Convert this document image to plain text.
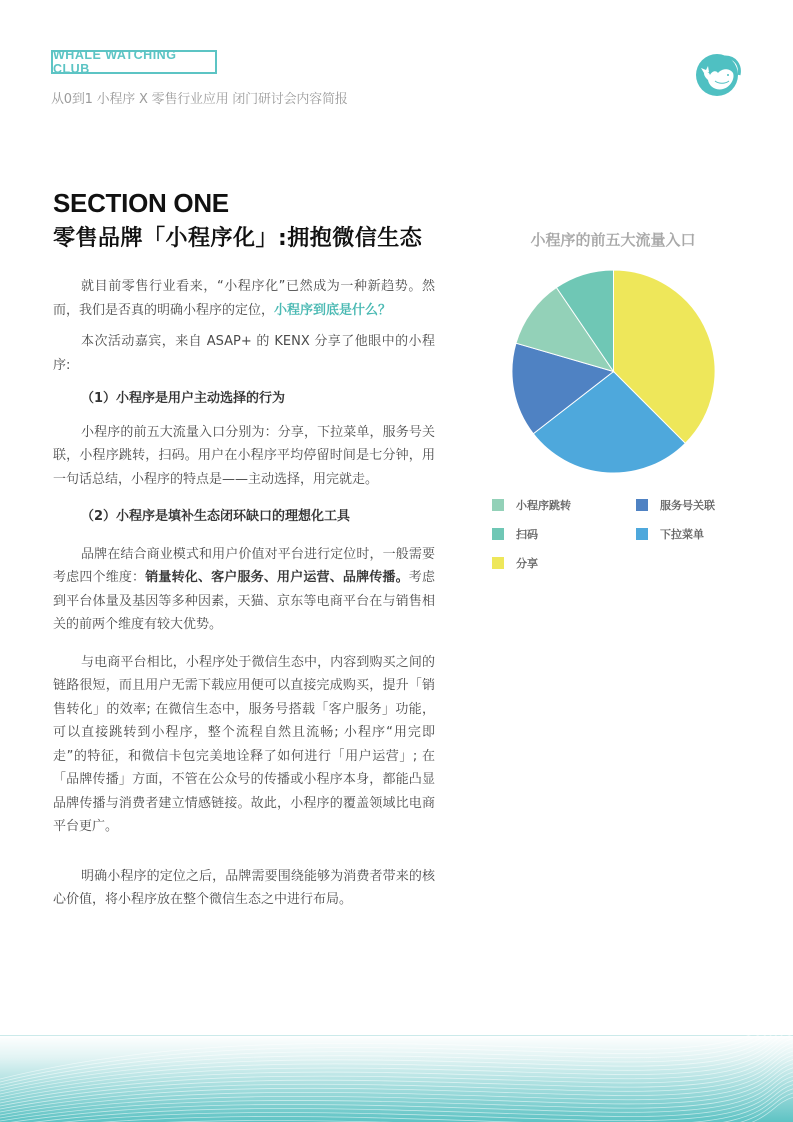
WHALE WATCHING CLUB
从0到1 小程序 X 零售行业应用 闭门研讨会内容简报
SECTION ONE
零售品牌「小程序化」:拥抱微信生态

就目前零售行业看来，“小程序化”已然成为一种新趋势。然而，我们是否真的明确小程序的定位，小程序到底是什么？

本次活动嘉宾，来自 ASAP+ 的 KENX 分享了他眼中的小程序:

（1）小程序是用户主动选择的行为

小程序的前五大流量入口分别为：分享，下拉菜单，服务号关联，小程序跳转，扫码。用户在小程序平均停留时间是七分钟，用一句话总结，小程序的特点是——主动选择，用完就走。

（2）小程序是填补生态闭环缺口的理想化工具

品牌在结合商业模式和用户价值对平台进行定位时，一般需要考虑四个维度：销量转化、客户服务、用户运营、品牌传播。考虑到平台体量及基因等多种因素，天猫、京东等电商平台在与销售相关的前两个维度有较大优势。

与电商平台相比，小程序处于微信生态中，内容到购买之间的链路很短，而且用户无需下载应用便可以直接完成购买，提升「销售转化」的效率; 在微信生态中，服务号搭载「客户服务」功能，可以直接跳转到小程序，整个流程自然且流畅; 小程序“用完即走”的特征，和微信卡包完美地诠释了如何进行「用户运营」; 在「品牌传播」方面，不管在公众号的传播或小程序本身，都能凸显品牌传播与消费者建立情感链接。故此，小程序的覆盖领域比电商平台更广。

明确小程序的定位之后，品牌需要围绕能够为消费者带来的核心价值，将小程序放在整个微信生态之中进行布局。

小程序的前五大流量入口
小程序跳转	服务号关联
扫码	下拉菜单
分享
